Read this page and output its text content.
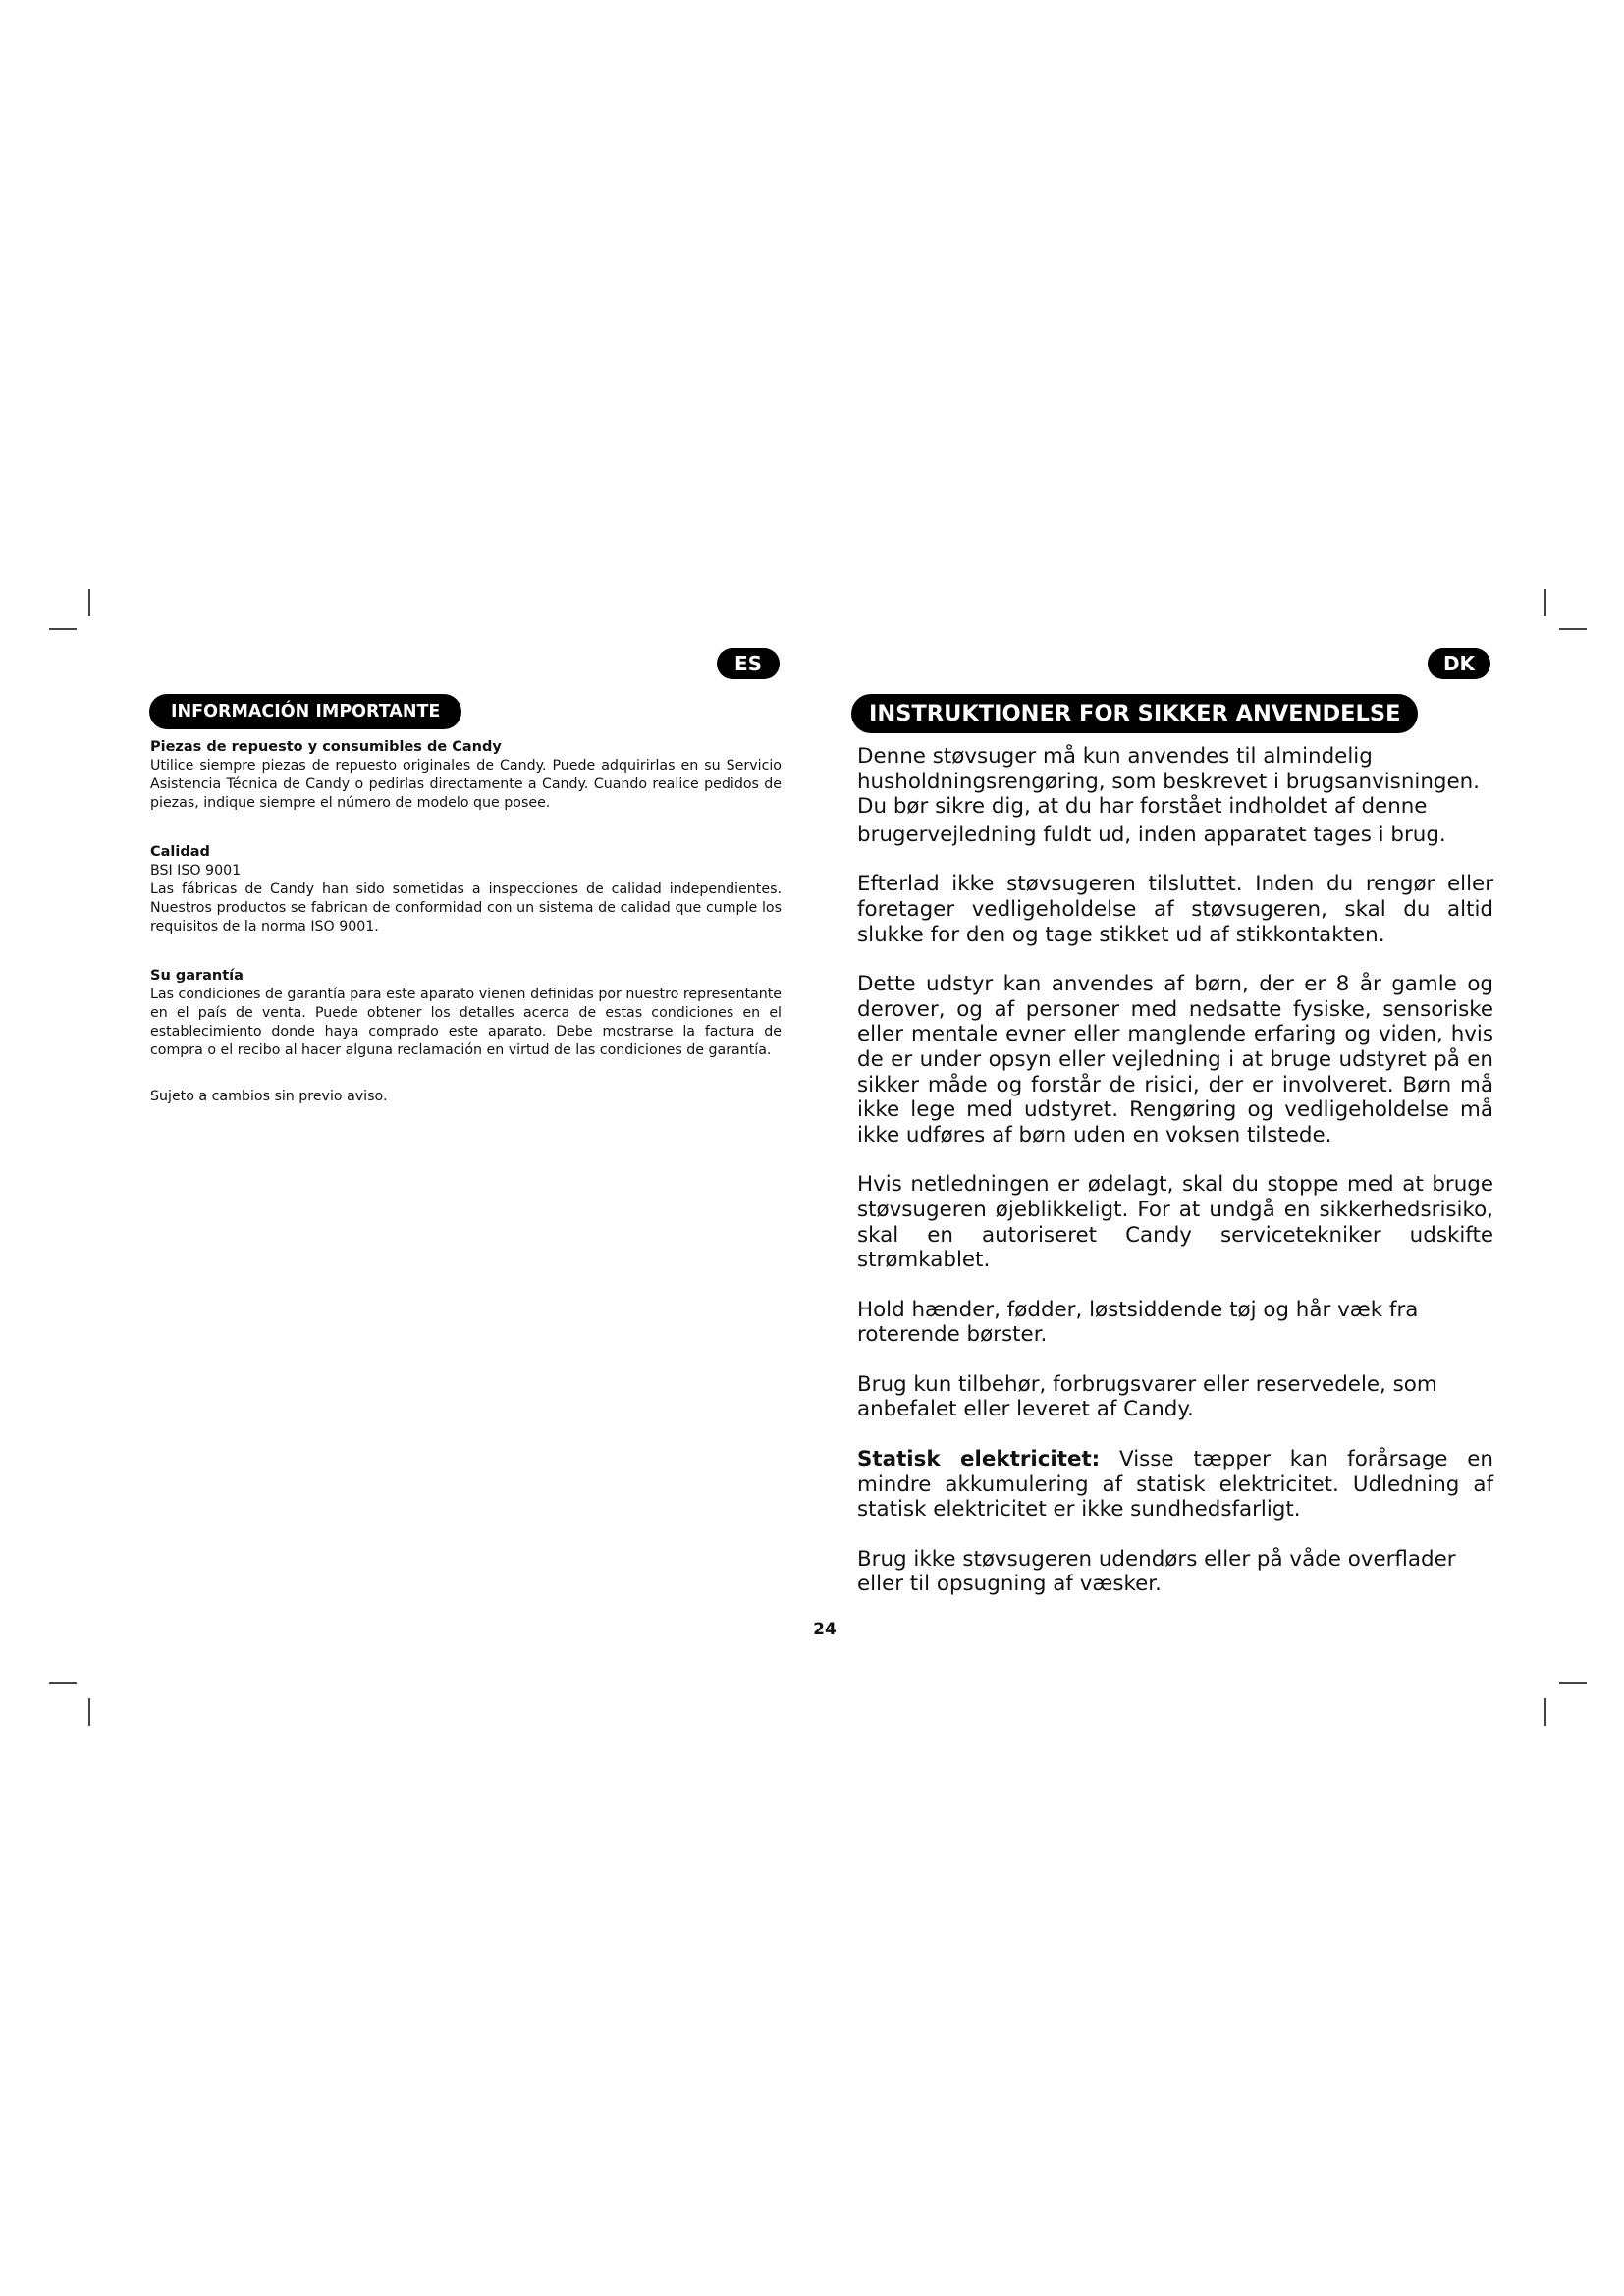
ES
INFORMACIÓN IMPORTANTE
Piezas de repuesto y consumibles de Candy

Utilice siempre piezas de repuesto originales de Candy. Puede adquirirlas en su Servicio Asistencia Técnica de Candy o pedirlas directamente a Candy. Cuando realice pedidos de piezas, indique siempre el número de modelo que posee.

Calidad

BSI ISO 9001

Las fábricas de Candy han sido sometidas a inspecciones de calidad independientes. Nuestros productos se fabrican de conformidad con un sistema de calidad que cumple los requisitos de la norma ISO 9001.

Su garantía

Las condiciones de garantía para este aparato vienen definidas por nuestro representante en el país de venta. Puede obtener los detalles acerca de estas condiciones en el establecimiento donde haya comprado este aparato. Debe mostrarse la factura de compra o el recibo al hacer alguna reclamación en virtud de las condiciones de garantía.

Sujeto a cambios sin previo aviso.

DK
INSTRUKTIONER FOR SIKKER ANVENDELSE

Denne støvsuger må kun anvendes til almindelig
husholdningsrengøring, som beskrevet i brugsanvisningen.
Du bør sikre dig, at du har forstået indholdet af denne

brugervejledning fuldt ud, inden apparatet tages i brug.

Efterlad ikke støvsugeren tilsluttet. Inden du rengør eller foretager vedligeholdelse af støvsugeren, skal du altid slukke for den og tage stikket ud af stikkontakten.

Dette udstyr kan anvendes af børn, der er 8 år gamle og derover, og af personer med nedsatte fysiske, sensoriske eller mentale evner eller manglende erfaring og viden, hvis de er under opsyn eller vejledning i at bruge udstyret på en sikker måde og forstår de risici, der er involveret. Børn må ikke lege med udstyret. Rengøring og vedligeholdelse må ikke udføres af børn uden en voksen tilstede.

Hvis netledningen er ødelagt, skal du stoppe med at bruge støvsugeren øjeblikkeligt. For at undgå en sikkerhedsrisiko, skal en autoriseret Candy servicetekniker udskifte strømkablet.

Hold hænder, fødder, løstsiddende tøj og hår væk fra roterende børster.

Brug kun tilbehør, forbrugsvarer eller reservedele, som anbefalet eller leveret af Candy.

Statisk elektricitet: Visse tæpper kan forårsage en mindre akkumulering af statisk elektricitet. Udledning af statisk elektricitet er ikke sundhedsfarligt.

Brug ikke støvsugeren udendørs eller på våde overflader eller til opsugning af væsker.

24
